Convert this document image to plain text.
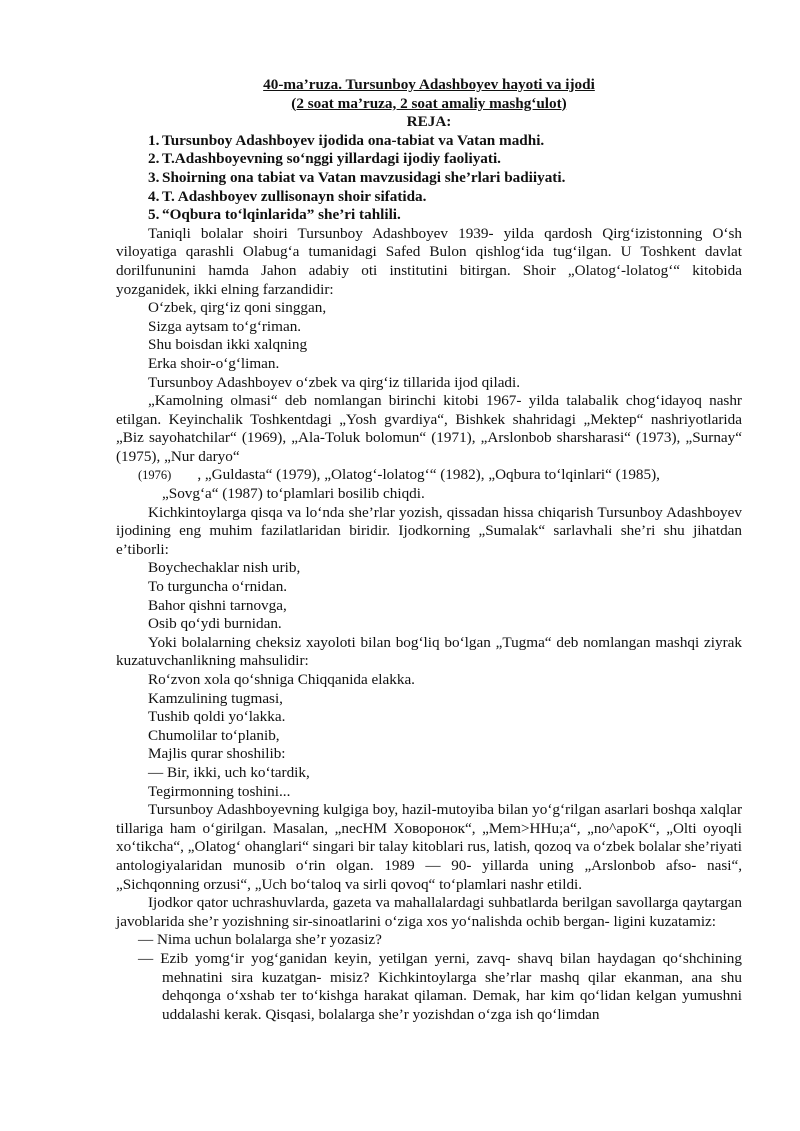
40-ma’ruza. Tursunboy Adashboyev hayoti va ijodi
(2 soat ma’ruza, 2 soat amaliy mashg‘ulot)
REJA:
1. Tursunboy Adashboyev ijodida ona-tabiat va Vatan madhi.
2. T.Adashboyevning so‘nggi yillardagi ijodiy faoliyati.
3. Shoirning ona tabiat va Vatan mavzusidagi she’rlari badiiyati.
4. T. Adashboyev zullisonayn shoir sifatida.
5. “Oqbura to‘lqinlarida” she’ri tahlili.

Taniqli bolalar shoiri Tursunboy Adashboyev 1939- yilda qardosh Qirg‘izistonning O‘sh viloyatiga qarashli Olabug‘a tumanidagi Safed Bulon qishlog‘ida tug‘ilgan. U Toshkent davlat dorilfununini hamda Jahon adabiy oti institutini bitirgan. Shoir „Olatog‘-lolatog‘“ kitobida yozganidek, ikki elning farzandidir:

O‘zbek, qirg‘iz qoni singgan,
Sizga aytsam to‘g‘riman.
Shu boisdan ikki xalqning
Erka shoir-o‘g‘liman.

Tursunboy Adashboyev o‘zbek va qirg‘iz tillarida ijod qiladi.

„Kamolning olmasi“ deb nomlangan birinchi kitobi 1967- yilda talabalik chog‘idayoq nashr etilgan. Keyinchalik Toshkentdagi „Yosh gvardiya“, Bishkek shahridagi „Mektep“ nashriyotlarida „Biz sayohatchilar“ (1969), „Ala-Toluk bolomun“ (1971), „Arslonbob sharsharasi“ (1973), „Surnay“ (1975), „Nur daryo“

(1976) , „Guldasta“ (1979), „Olatog‘-lolatog‘“ (1982), „Oqbura to‘lqinlari“ (1985),
„Sovg‘a“ (1987) to‘plamlari bosilib chiqdi.

Kichkintoylarga qisqa va lo‘nda she’rlar yozish, qissadan hissa chiqarish Tursunboy Adashboyev ijodining eng muhim fazilatlaridan biridir. Ijodkorning „Sumalak“ sarlavhali she’ri shu jihatdan e’tiborli:

Boychechaklar nish urib,
To turguncha o‘rnidan.
Bahor qishni tarnovga,
Osib qo‘ydi burnidan.

Yoki bolalarning cheksiz xayoloti bilan bog‘liq bo‘lgan „Tugma“ deb nomlangan mashqi ziyrak kuzatuvchanlikning mahsulidir:

Ro‘zvon xola qo‘shniga Chiqqanida elakka.
Kamzulining tugmasi,
Tushib qoldi yo‘lakka.
Chumolilar to‘planib,
Majlis qurar shoshilib:
— Bir, ikki, uch ko‘tardik,
Tegirmonning toshini...

Tursunboy Adashboyevning kulgiga boy, hazil-mutoyiba bilan yo‘g‘rilgan asarlari boshqa xalqlar tillariga ham o‘girilgan. Masalan, „necHM Xоворонок“, „Mem>HHu;a“, „no^apoK“, „Olti oyoqli xo‘tikcha“, „Olatog‘ ohanglari“ singari bir talay kitoblari rus, latish, qozoq va o‘zbek bolalar she’riyati antologiyalaridan munosib o‘rin olgan. 1989 — 90- yillarda uning „Arslonbob afso- nasi“, „Sichqonning orzusi“, „Uch bo‘taloq va sirli qovoq“ to‘plamlari nashr etildi.

Ijodkor qator uchrashuvlarda, gazeta va mahallalardagi suhbatlarda berilgan savollarga qaytargan javoblarida she’r yozishning sir-sinoatlarini o‘ziga xos yo‘nalishda ochib bergan- ligini kuzatamiz:

— Nima uchun bolalarga she’r yozasiz?
— Ezib yomg‘ir yog‘ganidan keyin, yetilgan yerni, zavq- shavq bilan haydagan qo‘shchining mehnatini sira kuzatgan- misiz? Kichkintoylarga she’rlar mashq qilar ekanman, ana shu dehqonga o‘xshab ter to‘kishga harakat qilaman. Demak, har kim qo‘lidan kelgan yumushni uddalashi kerak. Qisqasi, bolalarga she’r yozishdan o‘zga ish qo‘limdan
